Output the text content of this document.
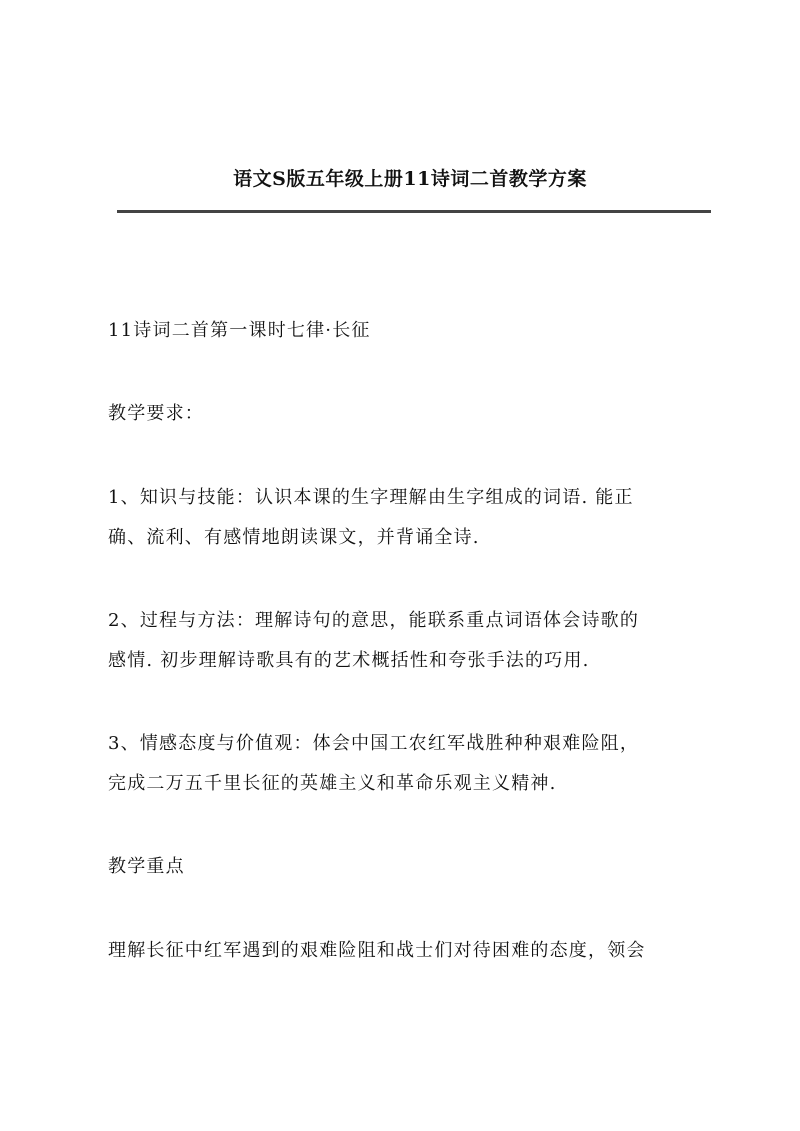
语文S版五年级上册11诗词二首教学方案

11诗词二首第一课时七律·长征

教学要求：

1、知识与技能：认识本课的生字理解由生字组成的词语. 能正

确、流利、有感情地朗读课文，并背诵全诗.

2、过程与方法：理解诗句的意思，能联系重点词语体会诗歌的

感情. 初步理解诗歌具有的艺术概括性和夸张手法的巧用.

3、情感态度与价值观：体会中国工农红军战胜种种艰难险阻，

完成二万五千里长征的英雄主义和革命乐观主义精神.

教学重点

理解长征中红军遇到的艰难险阻和战士们对待困难的态度，领会
